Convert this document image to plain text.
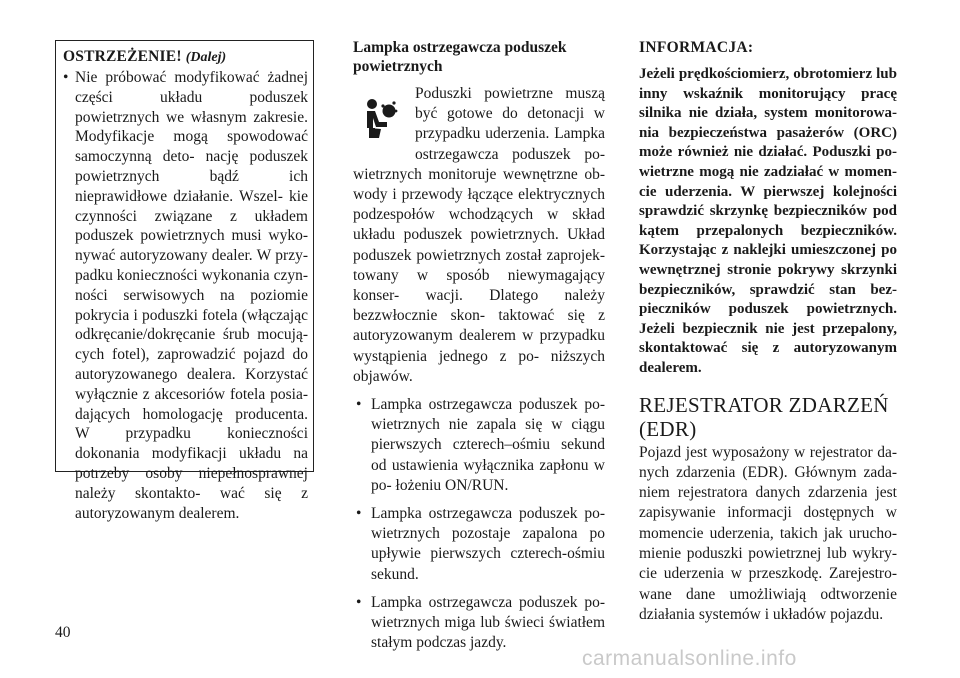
OSTRZEŻENIE! (Dalej)
• Nie próbować modyfikować żadnej części układu poduszek powietrznych we własnym zakresie. Modyfikacje mogą spowodować samoczynną deto- nację poduszek powietrznych bądź ich nieprawidłowe działanie. Wszel- kie czynności związane z układem poduszek powietrznych musi wyko- nywać autoryzowany dealer. W przy- padku konieczności wykonania czyn- ności serwisowych na poziomie pokrycia i poduszki fotela (włączając odkręcanie/dokręcanie śrub mocują- cych fotel), zaprowadzić pojazd do autoryzowanego dealera. Korzystać wyłącznie z akcesoriów fotela posia- dających homologację producenta. W przypadku konieczności dokonania modyfikacji układu na potrzeby osoby niepełnosprawnej należy skontakto- wać się z autoryzowanym dealerem.
Lampka ostrzegawcza poduszek powietrznych

Poduszki powietrzne muszą być gotowe do detonacji w przypadku uderzenia. Lampka ostrzegawcza poduszek po- wietrznych monitoruje wewnętrzne ob- wody i przewody łączące elektrycznych podzespołów wchodzących w skład układu poduszek powietrznych. Układ poduszek powietrznych został zaprojek- towany w sposób niewymagający konser- wacji. Dlatego należy bezzwłocznie skon- taktować się z autoryzowanym dealerem w przypadku wystąpienia jednego z po- niższych objawów.

• Lampka ostrzegawcza poduszek po- wietrznych nie zapala się w ciągu pierwszych czterech–ośmiu sekund od ustawienia wyłącznika zapłonu w po- łożeniu ON/RUN.
• Lampka ostrzegawcza poduszek po- wietrznych pozostaje zapalona po upływie pierwszych czterech-ośmiu sekund.
• Lampka ostrzegawcza poduszek po- wietrznych miga lub świeci światłem stałym podczas jazdy.
INFORMACJA:

Jeżeli prędkościomierz, obrotomierz lub inny wskaźnik monitorujący pracę silnika nie działa, system monitorowa- nia bezpieczeństwa pasażerów (ORC) może również nie działać. Poduszki po- wietrzne mogą nie zadziałać w momen- cie uderzenia. W pierwszej kolejności sprawdzić skrzynkę bezpieczników pod kątem przepalonych bezpieczników. Korzystając z naklejki umieszczonej po wewnętrznej stronie pokrywy skrzynki bezpieczników, sprawdzić stan bez- pieczników poduszek powietrznych. Jeżeli bezpiecznik nie jest przepalony, skontaktować się z autoryzowanym dealerem.

REJESTRATOR ZDARZEŃ (EDR)

Pojazd jest wyposażony w rejestrator da- nych zdarzenia (EDR). Głównym zada- niem rejestratora danych zdarzenia jest zapisywanie informacji dostępnych w momencie uderzenia, takich jak urucho- mienie poduszki powietrznej lub wykry- cie uderzenia w przeszkodę. Zarejestro- wane dane umożliwiają odtworzenie działania systemów i układów pojazdu.

40
carmanualsonline.info
